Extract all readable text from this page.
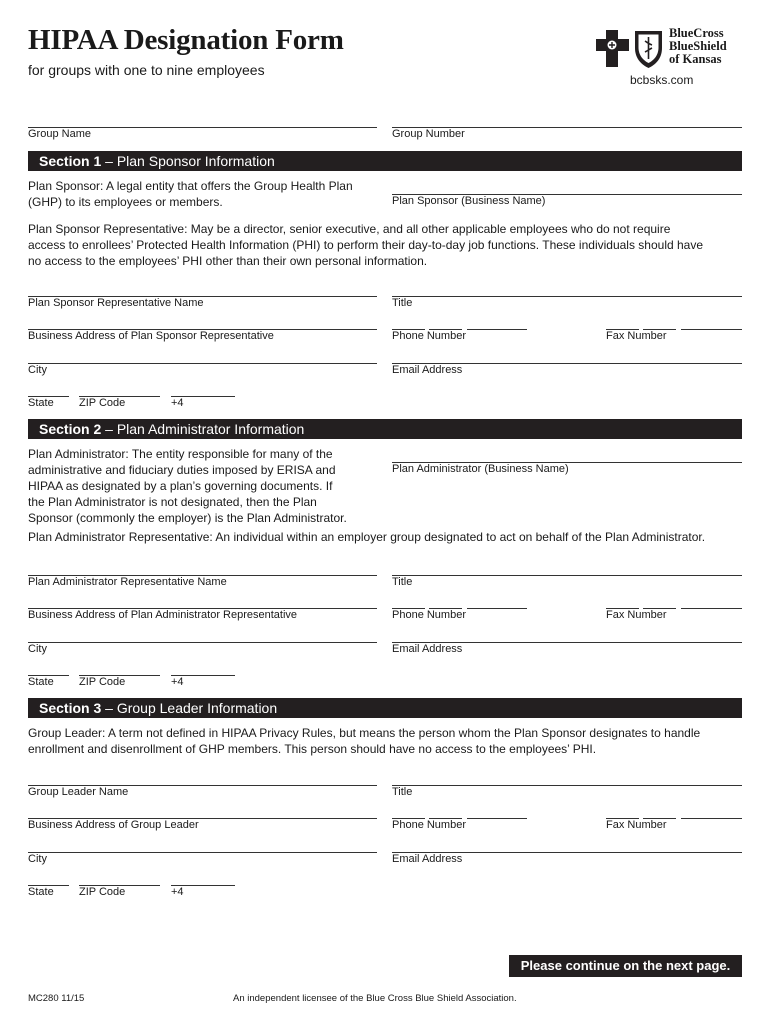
HIPAA Designation Form
for groups with one to nine employees
BlueCross
BlueShield
of Kansas
bcbsks.com
Group Name	Group Number
Section 1 – Plan Sponsor Information
Plan Sponsor: A legal entity that offers the Group Health Plan
(GHP) to its employees or members.	Plan Sponsor (Business Name)
Plan Sponsor Representative: May be a director, senior executive, and all other applicable employees who do not require
access to enrollees’ Protected Health Information (PHI) to perform their day-to-day job functions. These individuals should have
no access to the employees’ PHI other than their own personal information.
Plan Sponsor Representative Name	Title
Business Address of Plan Sponsor Representative	Phone Number	Fax Number
City	Email Address
State ZIP Code	+4
Section 2 – Plan Administrator Information
Plan Administrator: The entity responsible for many of the
administrative and fiduciary duties imposed by ERISA and
HIPAA as designated by a plan’s governing documents. If
the Plan Administrator is not designated, then the Plan
Sponsor (commonly the employer) is the Plan Administrator.
Plan Administrator (Business Name)
Plan Administrator Representative: An individual within an employer group designated to act on behalf of the Plan Administrator.
Plan Administrator Representative Name	Title
Business Address of Plan Administrator Representative	Phone Number	Fax Number
City	Email Address
State ZIP Code	+4
Section 3 – Group Leader Information
Group Leader: A term not defined in HIPAA Privacy Rules, but means the person whom the Plan Sponsor designates to handle
enrollment and disenrollment of GHP members. This person should have no access to the employees’ PHI.
Group Leader Name	Title
Business Address of Group Leader	Phone Number	Fax Number
City	Email Address
State ZIP Code	+4
Please continue on the next page.
MC280 11/15	An independent licensee of the Blue Cross Blue Shield Association.
